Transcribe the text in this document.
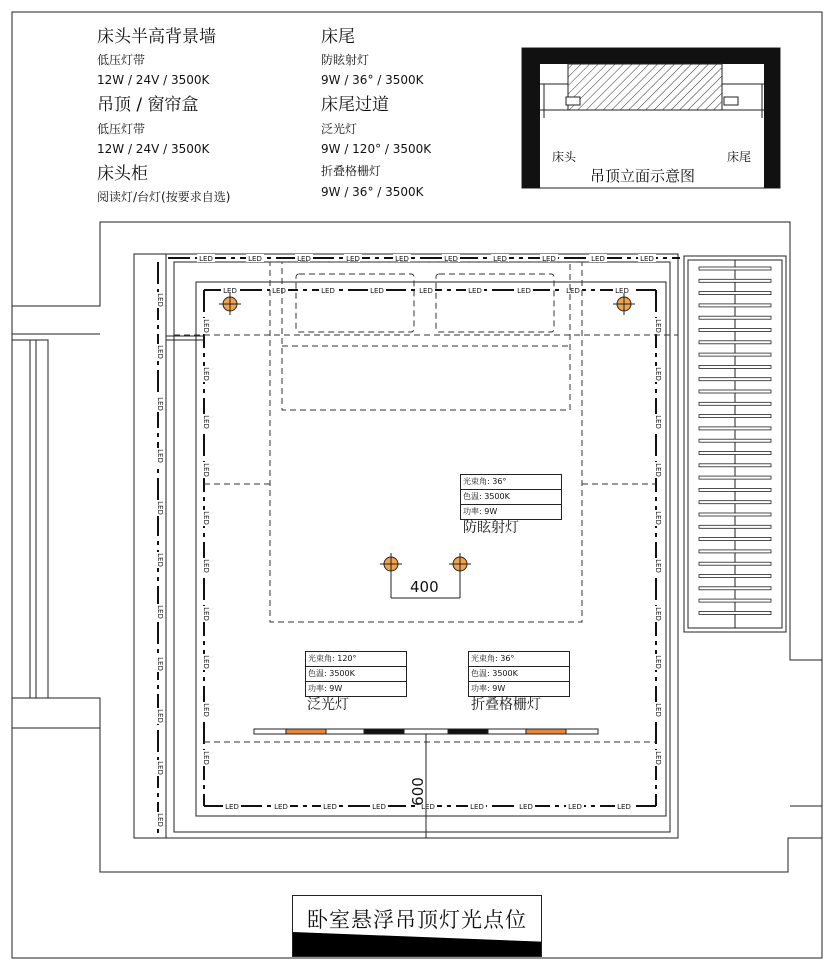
LED	LED	LED	LED	LED	LED	LED	LED	LED	LED
LED	LED	LED	LED	LED	LED	LED	LED	LED
LED	LED	LED	LED	LED	LED	LED	LED	LED
LED
LED
LED
LED
LED
LED
LED
LED
LED
LED
LED
LED	LED
LED	LED
LED	LED
LED	LED
LED	LED
LED	LED
LED	LED
LED	LED
LED	LED
LED	LED
床头半高背景墙
低压灯带
12W / 24V / 3500K
吊顶 / 窗帘盒
低压灯带
12W / 24V / 3500K
床头柜
阅读灯/台灯(按要求自选)
床尾
防眩射灯
9W / 36° / 3500K
床尾过道
泛光灯
9W / 120° / 3500K
折叠格栅灯
9W / 36° / 3500K
床头	床尾
吊顶立面示意图
光束角: 36°
色温: 3500K
功率: 9W
防眩射灯
光束角: 120°
色温: 3500K
功率: 9W
泛光灯
光束角: 36°
色温: 3500K
功率: 9W
折叠格栅灯
400
600
卧室悬浮吊顶灯光点位
